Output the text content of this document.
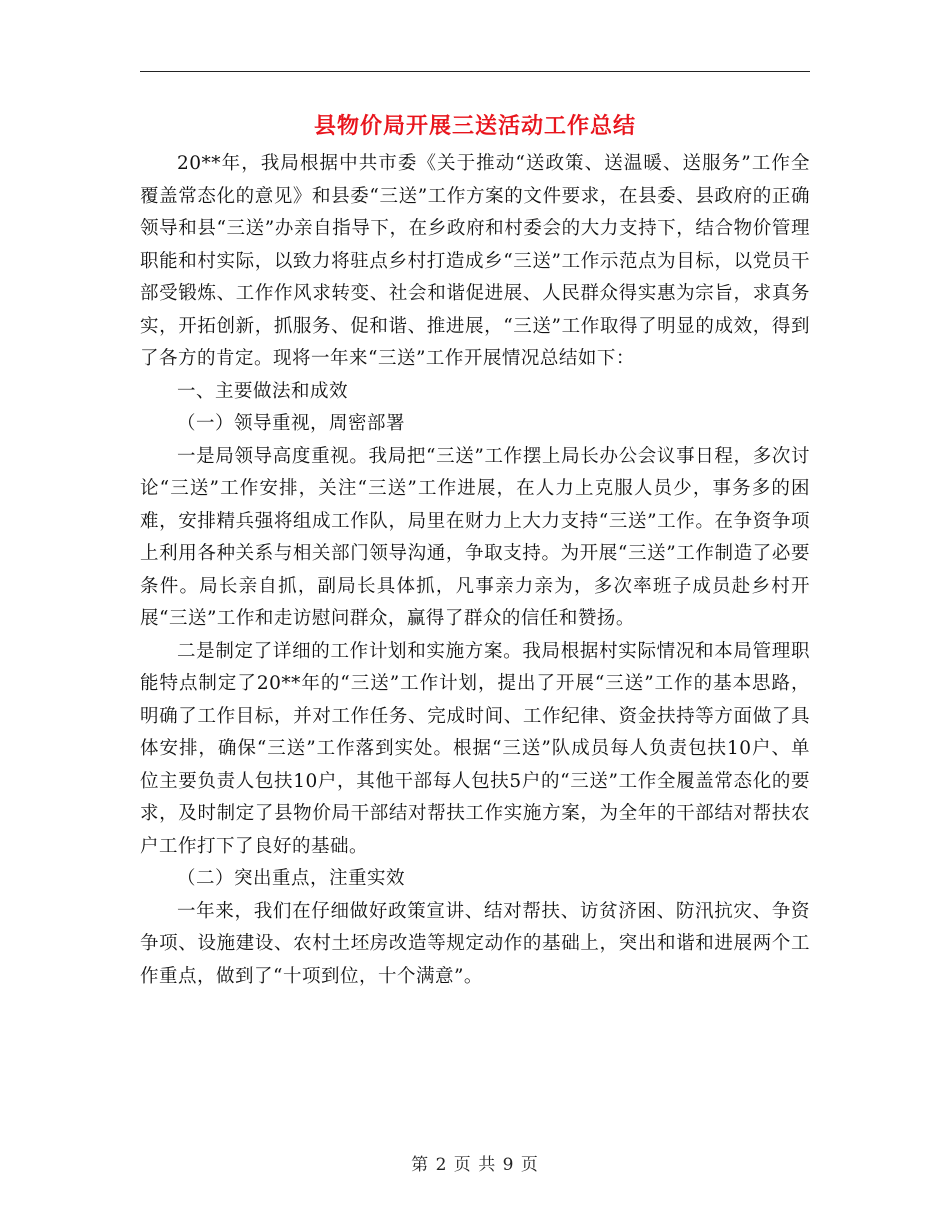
县物价局开展三送活动工作总结

20**年，我局根据中共市委《关于推动“送政策、送温暖、送服务”工作全覆盖常态化的意见》和县委“三送”工作方案的文件要求，在县委、县政府的正确领导和县“三送”办亲自指导下，在乡政府和村委会的大力支持下，结合物价管理职能和村实际，以致力将驻点乡村打造成乡“三送”工作示范点为目标，以党员干部受锻炼、工作作风求转变、社会和谐促进展、人民群众得实惠为宗旨，求真务实，开拓创新，抓服务、促和谐、推进展，“三送”工作取得了明显的成效，得到了各方的肯定。现将一年来“三送”工作开展情况总结如下：

一、主要做法和成效

（一）领导重视，周密部署

一是局领导高度重视。我局把“三送”工作摆上局长办公会议事日程，多次讨论“三送”工作安排，关注“三送”工作进展，在人力上克服人员少，事务多的困难，安排精兵强将组成工作队，局里在财力上大力支持“三送”工作。在争资争项上利用各种关系与相关部门领导沟通，争取支持。为开展“三送”工作制造了必要条件。局长亲自抓，副局长具体抓，凡事亲力亲为，多次率班子成员赴乡村开展“三送”工作和走访慰问群众，赢得了群众的信任和赞扬。

二是制定了详细的工作计划和实施方案。我局根据村实际情况和本局管理职能特点制定了20**年的“三送”工作计划，提出了开展“三送”工作的基本思路，明确了工作目标，并对工作任务、完成时间、工作纪律、资金扶持等方面做了具体安排，确保“三送”工作落到实处。根据“三送”队成员每人负责包扶10户、单位主要负责人包扶10户，其他干部每人包扶5户的“三送”工作全履盖常态化的要求，及时制定了县物价局干部结对帮扶工作实施方案，为全年的干部结对帮扶农户工作打下了良好的基础。

（二）突出重点，注重实效

一年来，我们在仔细做好政策宣讲、结对帮扶、访贫济困、防汛抗灾、争资争项、设施建设、农村土坯房改造等规定动作的基础上，突出和谐和进展两个工作重点，做到了“十项到位，十个满意”。

第 2 页 共 9 页
